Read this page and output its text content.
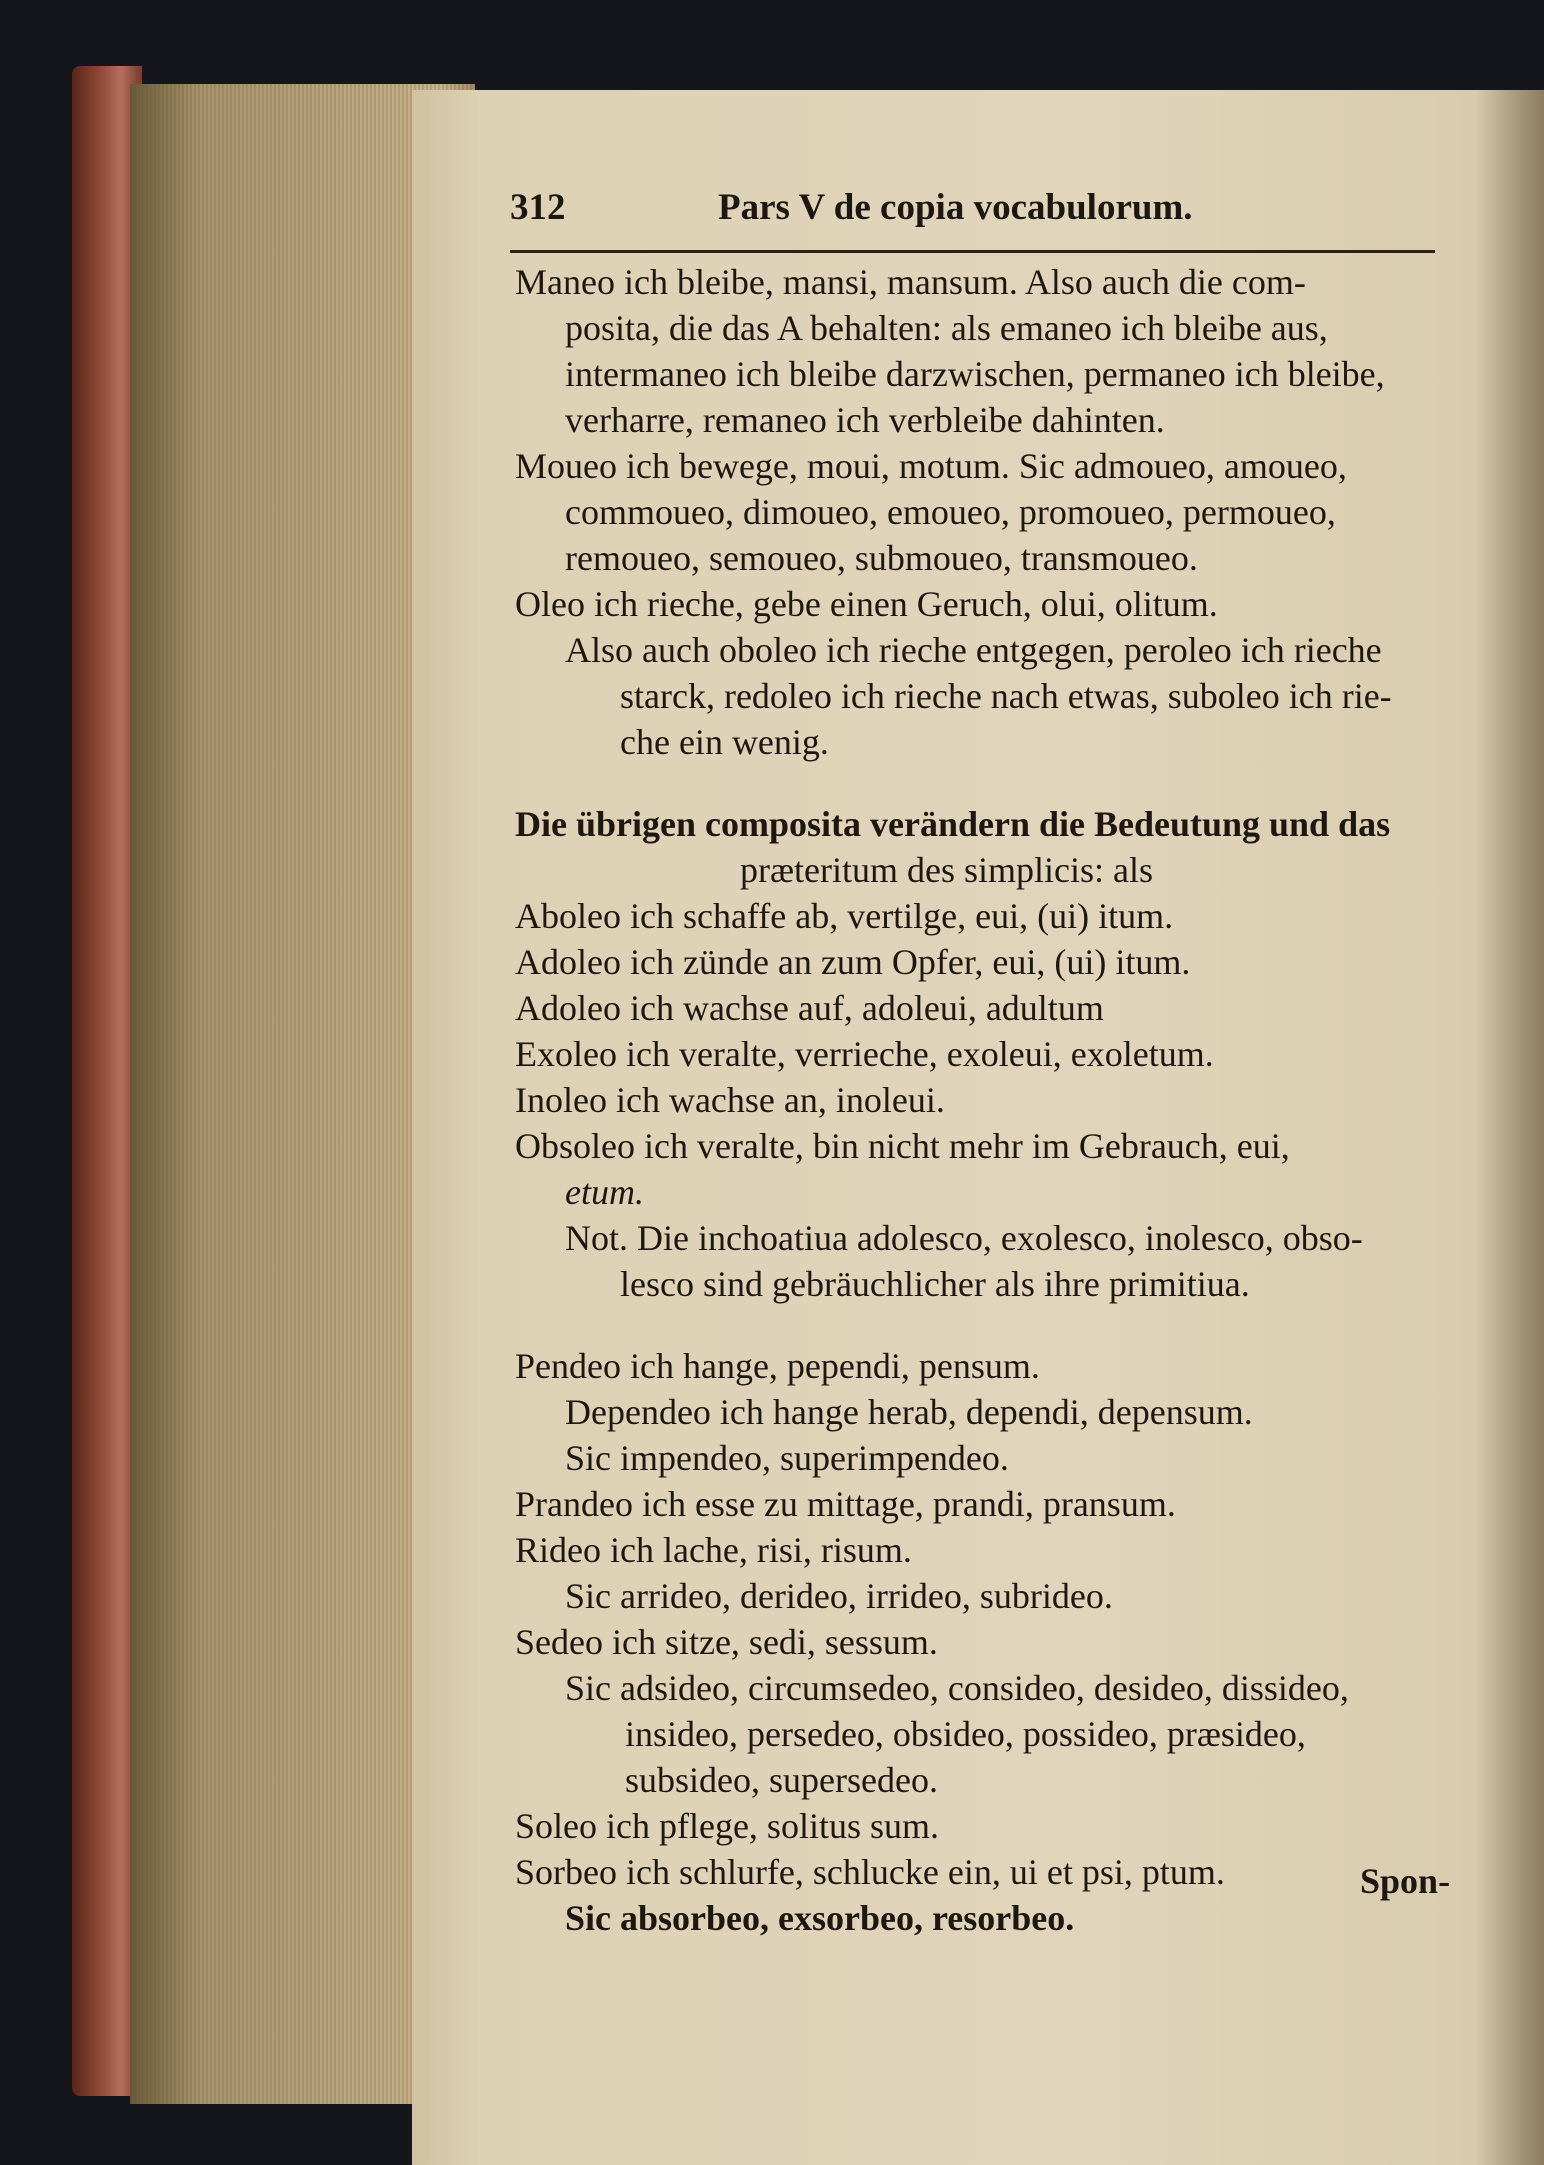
312	Pars V de copia vocabulorum.
Maneo ich bleibe, mansi, mansum. Also auch die com-
posita, die das A behalten: als emaneo ich bleibe aus,
intermaneo ich bleibe darzwischen, permaneo ich bleibe,
verharre, remaneo ich verbleibe dahinten.
Moueo ich bewege, moui, motum. Sic admoueo, amoueo,
commoueo, dimoueo, emoueo, promoueo, permoueo,
remoueo, semoueo, submoueo, transmoueo.
Oleo ich rieche, gebe einen Geruch, olui, olitum.
Also auch oboleo ich rieche entgegen, peroleo ich rieche
starck, redoleo ich rieche nach etwas, suboleo ich rie-
che ein wenig.
Die übrigen composita verändern die Bedeutung und das
præteritum des simplicis: als
Aboleo ich schaffe ab, vertilge, eui, (ui) itum.
Adoleo ich zünde an zum Opfer, eui, (ui) itum.
Adoleo ich wachse auf, adoleui, adultum
Exoleo ich veralte, verrieche, exoleui, exoletum.
Inoleo ich wachse an, inoleui.
Obsoleo ich veralte, bin nicht mehr im Gebrauch, eui,
etum.
Not. Die inchoatiua adolesco, exolesco, inolesco, obso-
lesco sind gebräuchlicher als ihre primitiua.
Pendeo ich hange, pependi, pensum.
Dependeo ich hange herab, dependi, depensum.
Sic impendeo, superimpendeo.
Prandeo ich esse zu mittage, prandi, pransum.
Rideo ich lache, risi, risum.
Sic arrideo, derideo, irrideo, subrideo.
Sedeo ich sitze, sedi, sessum.
Sic adsideo, circumsedeo, consideo, desideo, dissideo,
insideo, persedeo, obsideo, possideo, præsideo,
subsideo, supersedeo.
Soleo ich pflege, solitus sum.
Sorbeo ich schlurfe, schlucke ein, ui et psi, ptum.
Sic absorbeo, exsorbeo, resorbeo.
Spon-
